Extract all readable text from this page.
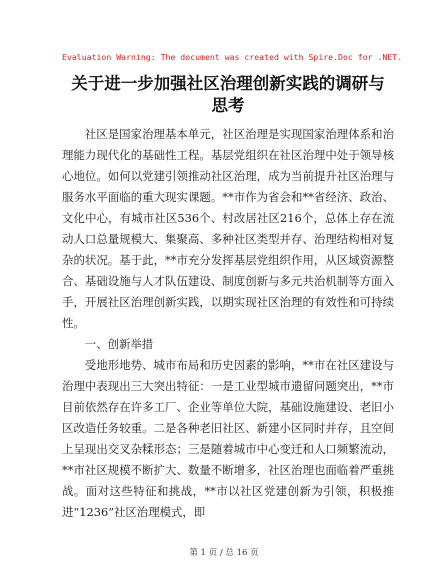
Evaluation Warning: The document was created with Spire.Doc for .NET.
关于进一步加强社区治理创新实践的调研与思考

社区是国家治理基本单元，社区治理是实现国家治理体系和治理能力现代化的基础性工程。基层党组织在社区治理中处于领导核心地位。如何以党建引领推动社区治理，成为当前提升社区治理与服务水平面临的重大现实课题。**市作为省会和**省经济、政治、文化中心，有城市社区536个、村改居社区216个，总体上存在流动人口总量规模大、集聚高、多种社区类型并存、治理结构相对复杂的状况。基于此，**市充分发挥基层党组织作用，从区域资源整合、基础设施与人才队伍建设、制度创新与多元共治机制等方面入手，开展社区治理创新实践，以期实现社区治理的有效性和可持续性。

一、创新举措

受地形地势、城市布局和历史因素的影响，**市在社区建设与治理中表现出三大突出特征：一是工业型城市遗留问题突出，**市目前依然存在许多工厂、企业等单位大院，基础设施建设、老旧小区改造任务较重。二是各种老旧社区、新建小区同时并存，且空间上呈现出交叉杂糅形态；三是随着城市中心变迁和人口频繁流动，**市社区规模不断扩大、数量不断增多，社区治理也面临着严重挑战。面对这些特征和挑战，**市以社区党建创新为引领，积极推进“1236”社区治理模式，即

第 1 页 / 总 16 页
